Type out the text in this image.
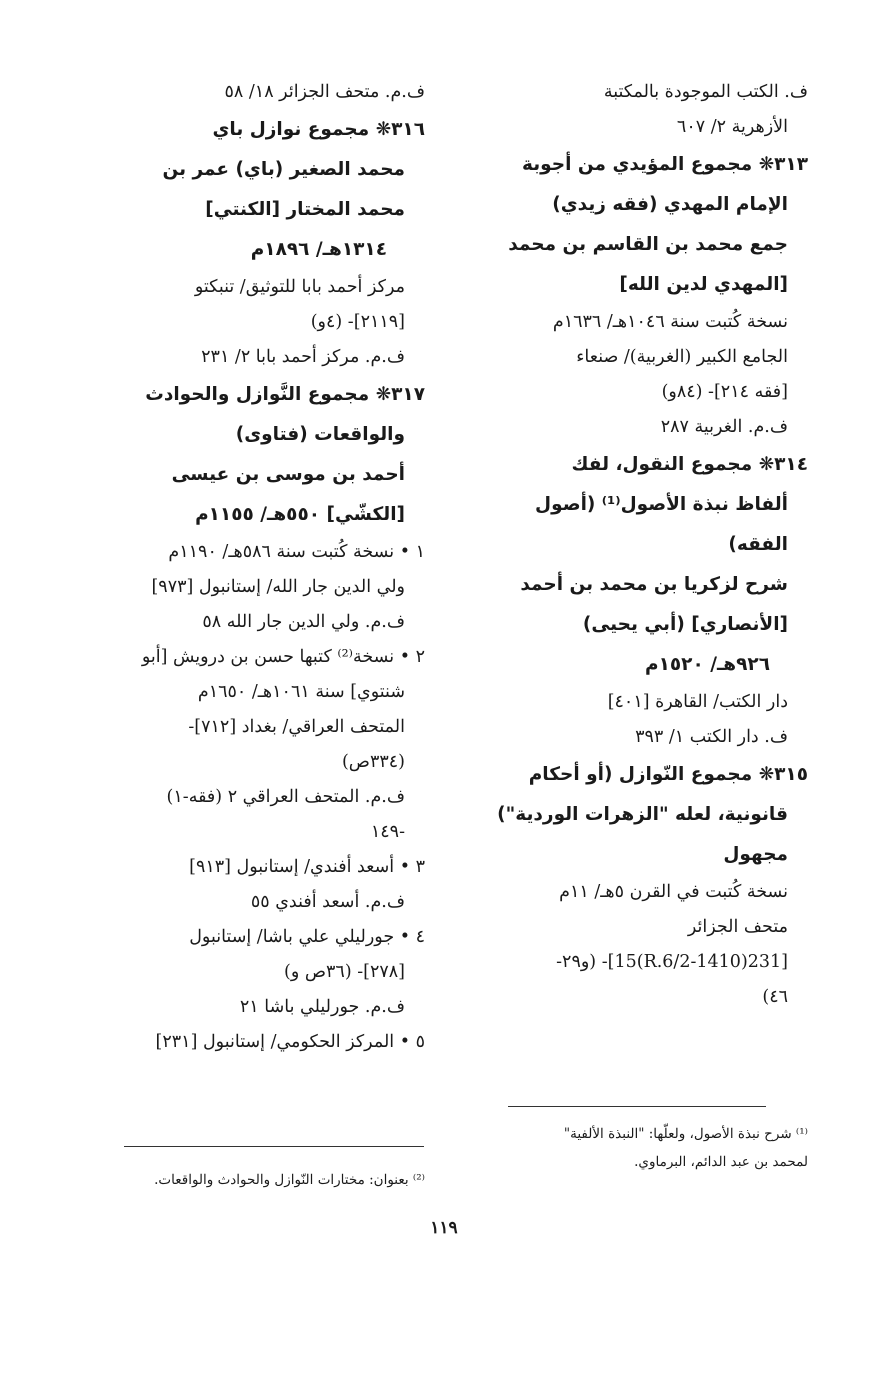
ف. الكتب الموجودة بالمكتبة
الأزهرية ٢/ ٦٠٧
٣١٣❋ مجموع المؤيدي من أجوبة
الإمام المهدي (فقه زيدي)
جمع محمد بن القاسم بن محمد
[المهدي لدين الله]
نسخة كُتبت سنة ١٠٤٦هـ/ ١٦٣٦م
الجامع الكبير (الغربية)/ صنعاء
[فقه ٢١٤]- (٨٤و)
ف.م. الغربية ٢٨٧
٣١٤❋ مجموع النقول، لفك
ألفاظ نبذة الأصول⁽¹⁾ (أصول
الفقه)
شرح لزكريا بن محمد بن أحمد
[الأنصاري] (أبي يحيى)
٩٢٦هـ/ ١٥٢٠م
دار الكتب/ القاهرة [٤٠١]
ف. دار الكتب ١/ ٣٩٣
٣١٥❋ مجموع النّوازل (أو أحكام
قانونية، لعله "الزهرات الوردية")
مجهول
نسخة كُتبت في القرن ٥هـ/ ١١م
متحف الجزائر
[231(1410-R.6/2)15]- (و٢٩-
٤٦)
ف.م. متحف الجزائر ١٨/ ٥٨
٣١٦❋ مجموع نوازل باي
محمد الصغير (باي) عمر بن
محمد المختار [الكنتي]
١٣١٤هـ/ ١٨٩٦م
مركز أحمد بابا للتوثيق/ تنبكتو
[٢١١٩]- (٤و)
ف.م. مركز أحمد بابا ٢/ ٢٣١
٣١٧❋ مجموع النَّوازل والحوادث
والواقعات (فتاوى)
أحمد بن موسى بن عيسى
[الكشّي] ٥٥٠هـ/ ١١٥٥م
١ • نسخة كُتبت سنة ٥٨٦هـ/ ١١٩٠م
ولي الدين جار الله/ إستانبول [٩٧٣]
ف.م. ولي الدين جار الله ٥٨
٢ • نسخة⁽²⁾ كتبها حسن بن درويش [أبو
شنتوي] سنة ١٠٦١هـ/ ١٦٥٠م
المتحف العراقي/ بغداد [٧١٢]-
(٣٣٤ص)
ف.م. المتحف العراقي ٢ (فقه-١)
-١٤٩
٣ • أسعد أفندي/ إستانبول [٩١٣]
ف.م. أسعد أفندي ٥٥
٤ • جورليلي علي باشا/ إستانبول
[٢٧٨]- (٣٦ص و)
ف.م. جورليلي باشا ٢١
٥ • المركز الحكومي/ إستانبول [٢٣١]
⁽¹⁾ شرح نبذة الأصول، ولعلّها: "النبذة الألفية"
لمحمد بن عبد الدائم، البرماوي.
⁽²⁾ بعنوان: مختارات النّوازل والحوادث والواقعات.
١١٩
